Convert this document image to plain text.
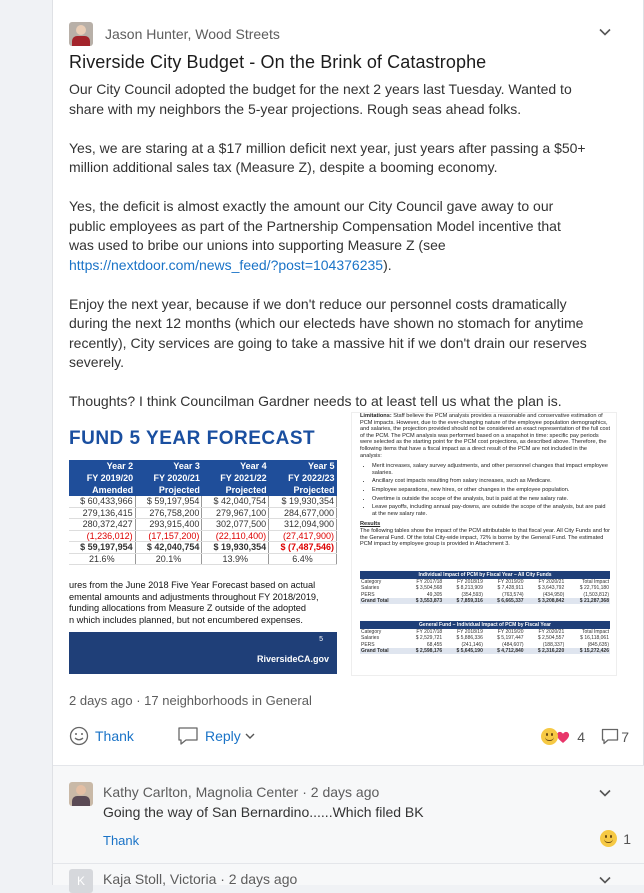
Jason Hunter, Wood Streets
Riverside City Budget - On the Brink of Catastrophe

Our City Council adopted the budget for the next 2 years last Tuesday. Wanted to share with my neighbors the 5-year projections. Rough seas ahead folks.

Yes, we are staring at a $17 million deficit next year, just years after passing a $50+ million additional sales tax (Measure Z), despite a booming economy.

Yes, the deficit is almost exactly the amount our City Council gave away to our public employees as part of the Partnership Compensation Model incentive that was used to bribe our unions into supporting Measure Z (see https://nextdoor.com/news_feed/?post=104376235).

Enjoy the next year, because if we don't reduce our personnel costs dramatically during the next 12 months (which our electeds have shown no stomach for anytime recently), City services are going to take a massive hit if we don't drain our reserves severely.

Thoughts? I think Councilman Gardner needs to at least tell us what the plan is.

FUND 5 YEAR FORECAST
Year 2	Year 3	Year 4	Year 5
FY 2019/20	FY 2020/21	FY 2021/22	FY 2022/23
Amended	Projected	Projected	Projected
$ 60,433,966	$ 59,197,954	$ 42,040,754	$ 19,930,354
279,136,415	276,758,200	279,967,100	284,677,000
280,372,427	293,915,400	302,077,500	312,094,900
(1,236,012)	(17,157,200)	(22,110,400)	(27,417,900)
$ 59,197,954	$ 42,040,754	$ 19,930,354	$ (7,487,546)
21.6%	20.1%	13.9%	6.4%
ures from the June 2018 Five Year Forecast based on actual
emental amounts and adjustments throughout FY 2018/2019,
funding allocations from Measure Z outside of the adopted
n which includes planned, but not encumbered expenses.
RiversideCA.gov
5
Limitations: Staff believe the PCM analysis provides a reasonable and conservative estimation of PCM impacts. However, due to the ever-changing nature of the employee population demographics, and salaries, the projection provided should not be considered an exact representation of the full cost of the PCM. The PCM analysis was performed based on a snapshot in time: specific pay periods were selected as the starting point for the PCM cost projections, as described above. Therefore, the following items that have a fiscal impact as a direct result of the PCM are not included in the analysis:
• Merit increases, salary survey adjustments, and other personnel changes that impact employee salaries.
• Ancillary cost impacts resulting from salary increases, such as Medicare.
• Employee separations, new hires, or other changes in the employee population.
• Overtime is outside the scope of the analysis, but is paid at the new salary rate.
• Leave payoffs, including annual pay-downs, are outside the scope of the analysis, but are paid at the new salary rate.
Results
The following tables show the impact of the PCM attributable to that fiscal year. All City Funds and for the General Fund. Of the total City-wide impact, 72% is borne by the General Fund. The estimated PCM impact by employee group is provided in Attachment 3.
Individual Impact of PCM by Fiscal Year – All City Funds					
Category	FY 2017/18	FY 2018/19	FY 2019/20	FY 2020/21	Total Impact
Salaries	$ 3,504,568	$ 8,213,909	$ 7,428,911	$ 3,643,792	$ 22,791,180
PERS	49,305	(354,593)	(763,574)	(434,950)	(1,503,812)
Grand Total	$ 3,553,873	$ 7,859,316	$ 6,665,337	$ 3,208,842	$ 21,287,368
General Fund – Individual Impact of PCM by Fiscal Year					
Category	FY 2017/18	FY 2018/19	FY 2019/20	FY 2020/21	Total Impact
Salaries	$ 2,529,721	$ 5,886,336	$ 5,197,447	$ 2,504,557	$ 16,118,061
PERS	68,455	(241,146)	(484,607)	(188,337)	(845,635)
Grand Total	$ 2,598,176	$ 5,645,190	$ 4,712,840	$ 2,316,220	$ 15,272,426
2 days ago · 17 neighborhoods in General
Thank	Reply	4	7
Kathy Carlton, Magnolia Center · 2 days ago
Going the way of San Bernardino......Which filed BK
Thank	1
K Kaja Stoll, Victoria · 2 days ago
